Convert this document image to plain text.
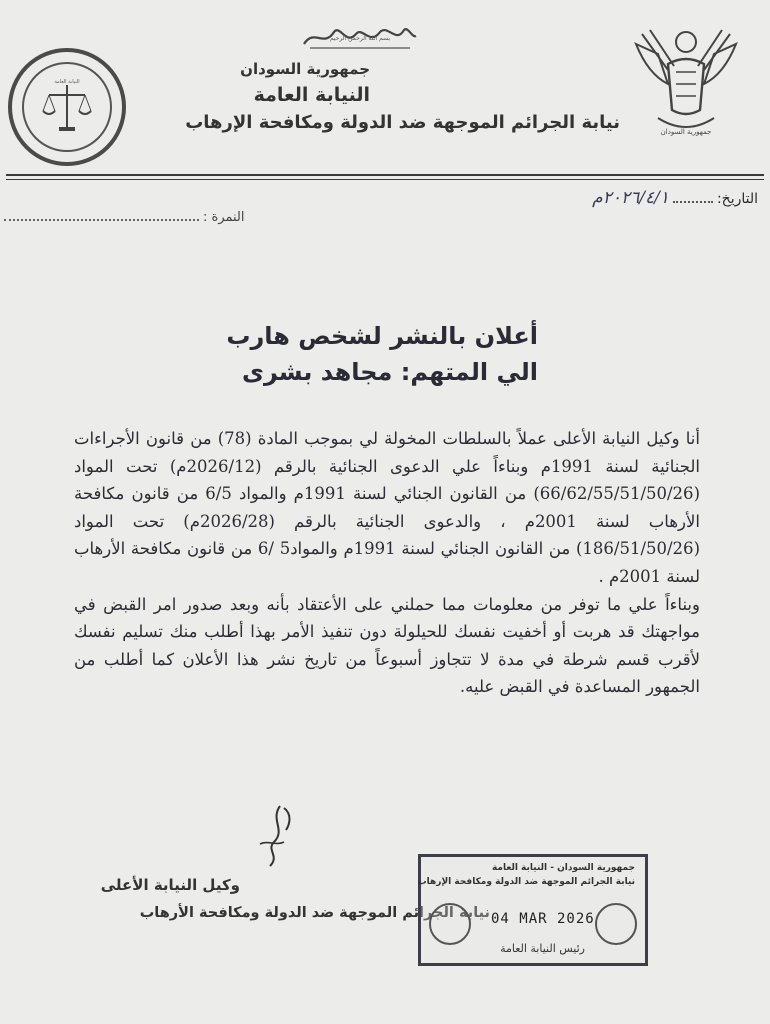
بسم الله الرحمن الرحيم
النيابة العامة
جمهورية السودان
النيابة العامة
نيابة الجرائم الموجهة ضد الدولة ومكافحة الإرهاب	جمهورية السودان
التاريخ:
٢٠٢٦/٤/١م
النمرة :
أعلان بالنشر لشخص هارب
الي المتهم: مجاهد بشرى

أنا وكيل النيابة الأعلى عملاً بالسلطات المخولة لي بموجب المادة (78) من قانون الأجراءات الجنائية لسنة 1991م وبناءاً علي الدعوى الجنائية بالرقم (2026/12م) تحت المواد (66/62/55/51/50/26) من القانون الجنائي لسنة 1991م والمواد 6/5 من قانون مكافحة الأرهاب لسنة 2001م ، والدعوى الجنائية بالرقم (2026/28م) تحت المواد (186/51/50/26) من القانون الجنائي لسنة 1991م والمواد5 /6 من قانون مكافحة الأرهاب لسنة 2001م .

وبناءاً علي ما توفر من معلومات مما حملني على الأعتقاد بأنه وبعد صدور امر القبض في مواجهتك قد هربت أو أخفيت نفسك للحيلولة دون تنفيذ الأمر بهذا أطلب منك تسليم نفسك لأقرب قسم شرطة في مدة لا تتجاوز أسبوعاً من تاريخ نشر هذا الأعلان كما أطلب من الجمهور المساعدة في القبض عليه.

وكيل النيابة الأعلى
نيابة الجرائم الموجهة ضد الدولة ومكافحة الأرهاب
جمهورية السودان - النيابة العامة
نيابة الجرائم الموجهة ضد الدولة ومكافحة الإرهاب
04 MAR 2026
رئيس النيابة العامة
